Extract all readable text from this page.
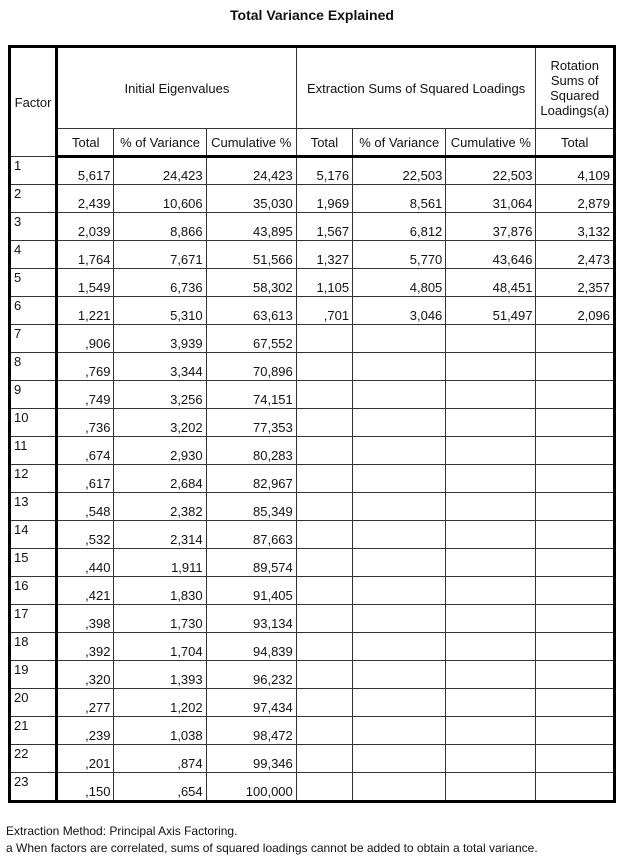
Total Variance Explained
Factor	Initial Eigenvalues			Extraction Sums of Squared Loadings			Rotation Sums of Squared Loadings(a)
	Total	% of Variance	Cumulative %	Total	% of Variance	Cumulative %	Total
1	5,617	24,423	24,423	5,176	22,503	22,503	4,109
2	2,439	10,606	35,030	1,969	8,561	31,064	2,879
3	2,039	8,866	43,895	1,567	6,812	37,876	3,132
4	1,764	7,671	51,566	1,327	5,770	43,646	2,473
5	1,549	6,736	58,302	1,105	4,805	48,451	2,357
6	1,221	5,310	63,613	,701	3,046	51,497	2,096
7	,906	3,939	67,552				
8	,769	3,344	70,896				
9	,749	3,256	74,151				
10	,736	3,202	77,353				
11	,674	2,930	80,283				
12	,617	2,684	82,967				
13	,548	2,382	85,349				
14	,532	2,314	87,663				
15	,440	1,911	89,574				
16	,421	1,830	91,405				
17	,398	1,730	93,134				
18	,392	1,704	94,839				
19	,320	1,393	96,232				
20	,277	1,202	97,434				
21	,239	1,038	98,472				
22	,201	,874	99,346				
23	,150	,654	100,000				
Extraction Method: Principal Axis Factoring.
a When factors are correlated, sums of squared loadings cannot be added to obtain a total variance.
